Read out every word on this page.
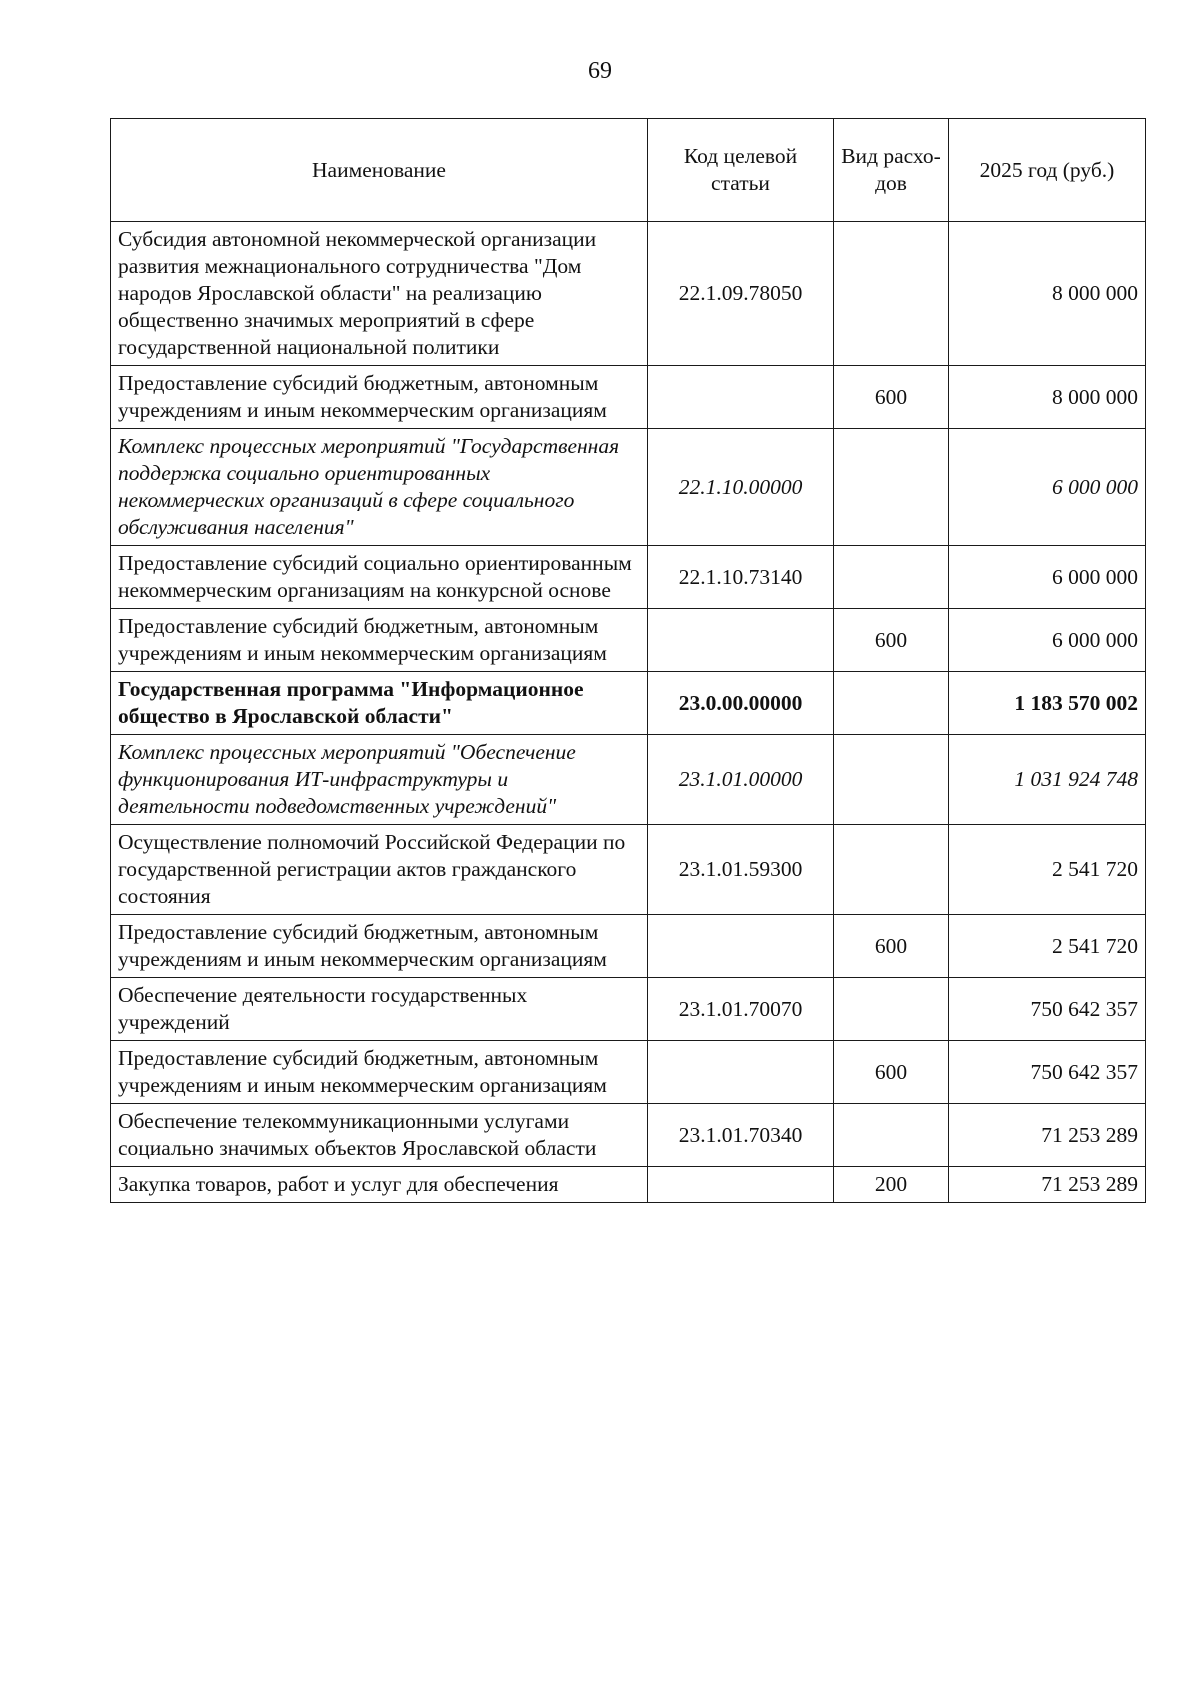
69
Наименование	Код целевой статьи	Вид расхо-дов	2025 год (руб.)
Субсидия автономной некоммерческой организации развития межнационального сотрудничества "Дом народов Ярославской области" на реализацию общественно значимых мероприятий в сфере государственной национальной политики	22.1.09.78050		8 000 000
Предоставление субсидий бюджетным, автономным учреждениям и иным некоммерческим организациям		600	8 000 000
Комплекс процессных мероприятий "Государственная поддержка социально ориентированных некоммерческих организаций в сфере социального обслуживания населения"	22.1.10.00000		6 000 000
Предоставление субсидий социально ориентированным некоммерческим организациям на конкурсной основе	22.1.10.73140		6 000 000
Предоставление субсидий бюджетным, автономным учреждениям и иным некоммерческим организациям		600	6 000 000
Государственная программа "Информационное общество в Ярославской области"	23.0.00.00000		1 183 570 002
Комплекс процессных мероприятий "Обеспечение функционирования ИТ-инфраструктуры и деятельности подведомственных учреждений"	23.1.01.00000		1 031 924 748
Осуществление полномочий Российской Федерации по государственной регистрации актов гражданского состояния	23.1.01.59300		2 541 720
Предоставление субсидий бюджетным, автономным учреждениям и иным некоммерческим организациям		600	2 541 720
Обеспечение деятельности государственных учреждений	23.1.01.70070		750 642 357
Предоставление субсидий бюджетным, автономным учреждениям и иным некоммерческим организациям		600	750 642 357
Обеспечение телекоммуникационными услугами социально значимых объектов Ярославской области	23.1.01.70340		71 253 289
Закупка товаров, работ и услуг для обеспечения		200	71 253 289
